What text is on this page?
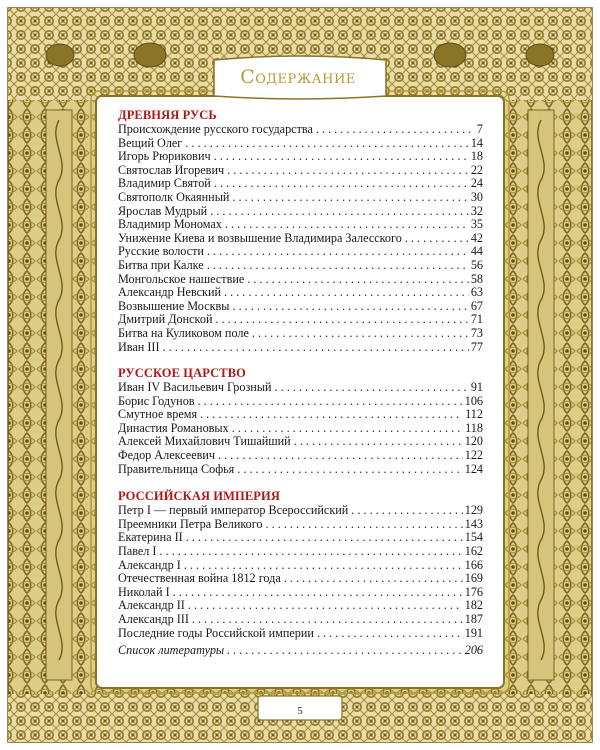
Содержание
ДРЕВНЯЯ РУСЬ
Происхождение русского государства . . .	7
Вещий Олег . . .	14
Игорь Рюрикович . . .	18
Святослав Игоревич . . .	22
Владимир Святой . . .	24
Святополк Окаянный . . .	30
Ярослав Мудрый . . .	32
Владимир Мономах . . .	35
Унижение Киева и возвышение Владимира Залесского . . .	42
Русские волости . . .	44
Битва при Калке . . .	56
Монгольское нашествие . . .	58
Александр Невский . . .	63
Возвышение Москвы . . .	67
Дмитрий Донской . . .	71
Битва на Куликовом поле . . .	73
Иван III . . .	77
РУССКОЕ ЦАРСТВО
Иван IV Васильевич Грозный . . .	91
Борис Годунов . . .	106
Смутное время . . .	112
Династия Романовых . . .	118
Алексей Михайлович Тишайший . . .	120
Федор Алексеевич . . .	122
Правительница Софья . . .	124
РОССИЙСКАЯ ИМПЕРИЯ
Петр I — первый император Всероссийский . . .	129
Преемники Петра Великого . . .	143
Екатерина II . . .	154
Павел I . . .	162
Александр I . . .	166
Отечественная война 1812 года . . .	169
Николай I . . .	176
Александр II . . .	182
Александр III . . .	187
Последние годы Российской империи . . .	191
Список литературы . . .	206
5
